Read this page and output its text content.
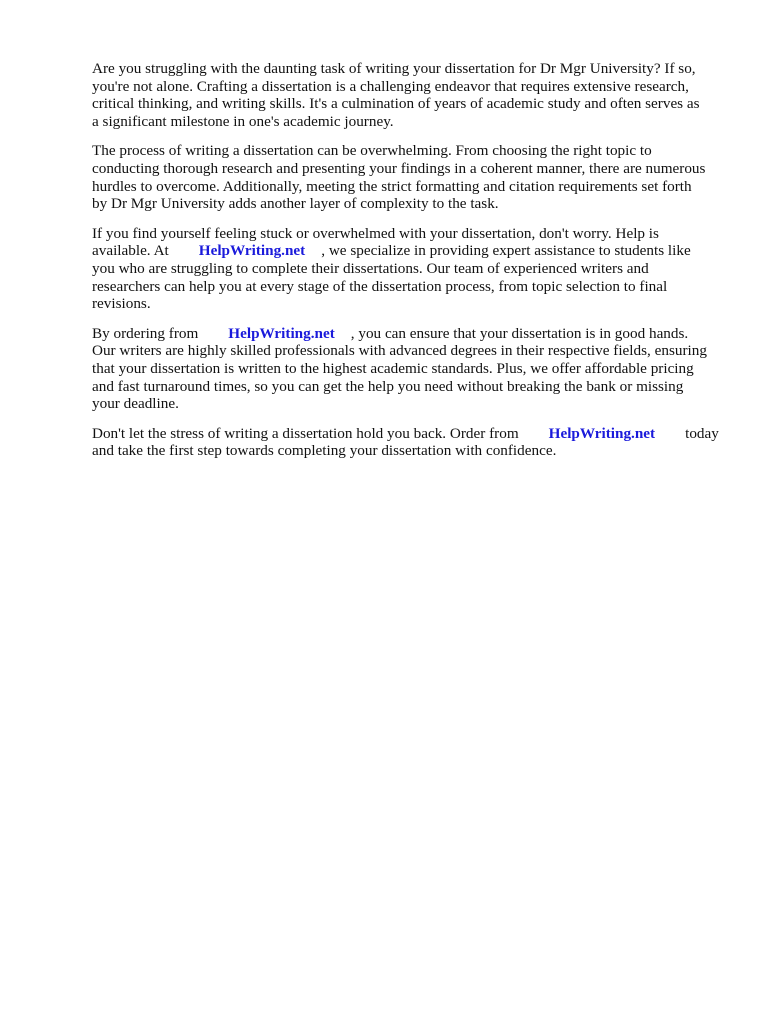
Are you struggling with the daunting task of writing your dissertation for Dr Mgr University? If so,
you're not alone. Crafting a dissertation is a challenging endeavor that requires extensive research,
critical thinking, and writing skills. It's a culmination of years of academic study and often serves as
a significant milestone in one's academic journey.

The process of writing a dissertation can be overwhelming. From choosing the right topic to
conducting thorough research and presenting your findings in a coherent manner, there are numerous
hurdles to overcome. Additionally, meeting the strict formatting and citation requirements set forth
by Dr Mgr University adds another layer of complexity to the task.

If you find yourself feeling stuck or overwhelmed with your dissertation, don't worry. Help is
available. At HelpWriting.net , we specialize in providing expert assistance to students like
you who are struggling to complete their dissertations. Our team of experienced writers and
researchers can help you at every stage of the dissertation process, from topic selection to final
revisions.

By ordering from HelpWriting.net , you can ensure that your dissertation is in good hands.
Our writers are highly skilled professionals with advanced degrees in their respective fields, ensuring
that your dissertation is written to the highest academic standards. Plus, we offer affordable pricing
and fast turnaround times, so you can get the help you need without breaking the bank or missing
your deadline.

Don't let the stress of writing a dissertation hold you back. Order from HelpWriting.net today
and take the first step towards completing your dissertation with confidence.
